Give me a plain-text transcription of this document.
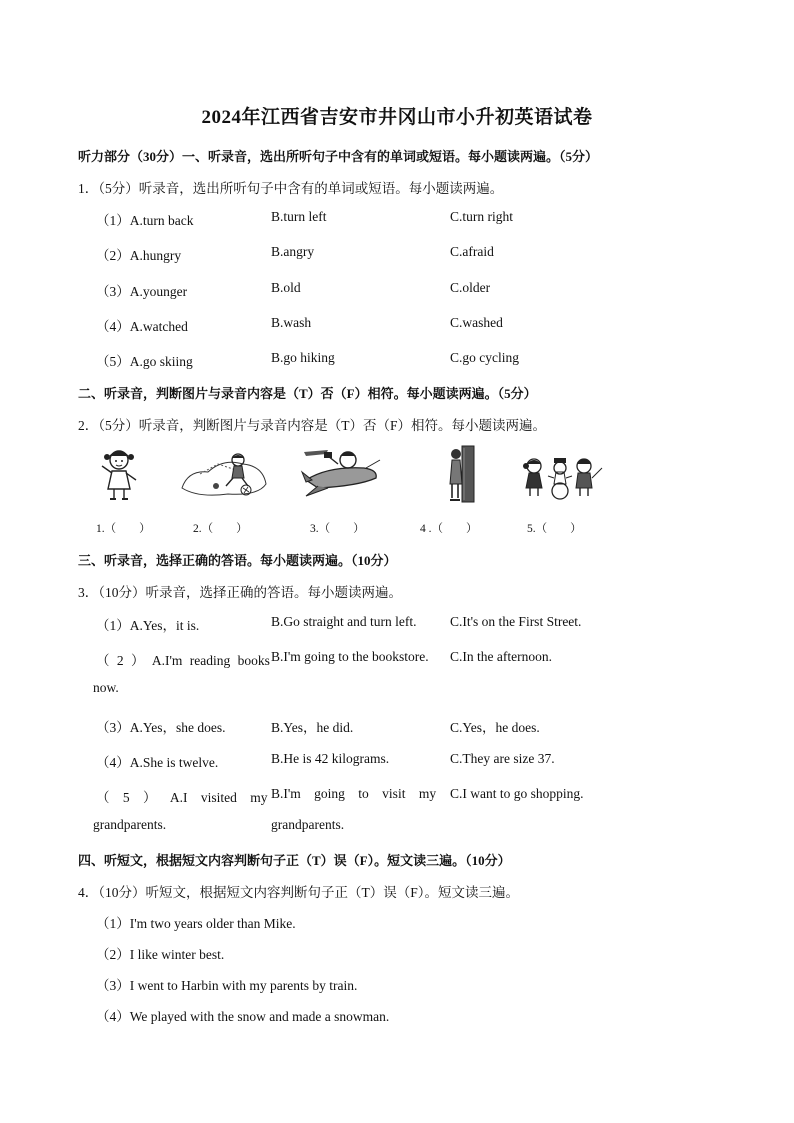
2024年江西省吉安市井冈山市小升初英语试卷
听力部分（30分）一、听录音，选出所听句子中含有的单词或短语。每小题读两遍。（5分）
1．（5分）听录音，选出所听句子中含有的单词或短语。每小题读两遍。
（1）A.turn back	B.turn left	C.turn right
（2）A.hungry	B.angry	C.afraid
（3）A.younger	B.old	C.older
（4）A.watched	B.wash	C.washed
（5）A.go skiing	B.go hiking	C.go cycling
二、听录音，判断图片与录音内容是（T）否（F）相符。每小题读两遍。（5分）
2．（5分）听录音，判断图片与录音内容是（T）否（F）相符。每小题读两遍。
1.（　　）	2.（　　）	3.（　　）	4 .（　　）	5.（　　）
三、听录音，选择正确的答语。每小题读两遍。（10分）
3．（10分）听录音，选择正确的答语。每小题读两遍。
（1）A.Yes，it is.	B.Go straight and turn left. C.It's on the First Street.
（ 2 ） A.I'm reading books B.I'm going to the bookstore. C.In the afternoon.
now.
（3）A.Yes，she does.	B.Yes，he did.	C.Yes，he does.
（4）A.She is twelve.	B.He is 42 kilograms.	C.They are size 37.
（ 5 ） A.I visited my B.I'm going to visit my C.I want to go shopping.
grandparents.	grandparents.
四、听短文，根据短文内容判断句子正（T）误（F）。短文读三遍。（10分）
4．（10分）听短文，根据短文内容判断句子正（T）误（F）。短文读三遍。
（1）I'm two years older than Mike.
（2）I like winter best.
（3）I went to Harbin with my parents by train.
（4）We played with the snow and made a snowman.
